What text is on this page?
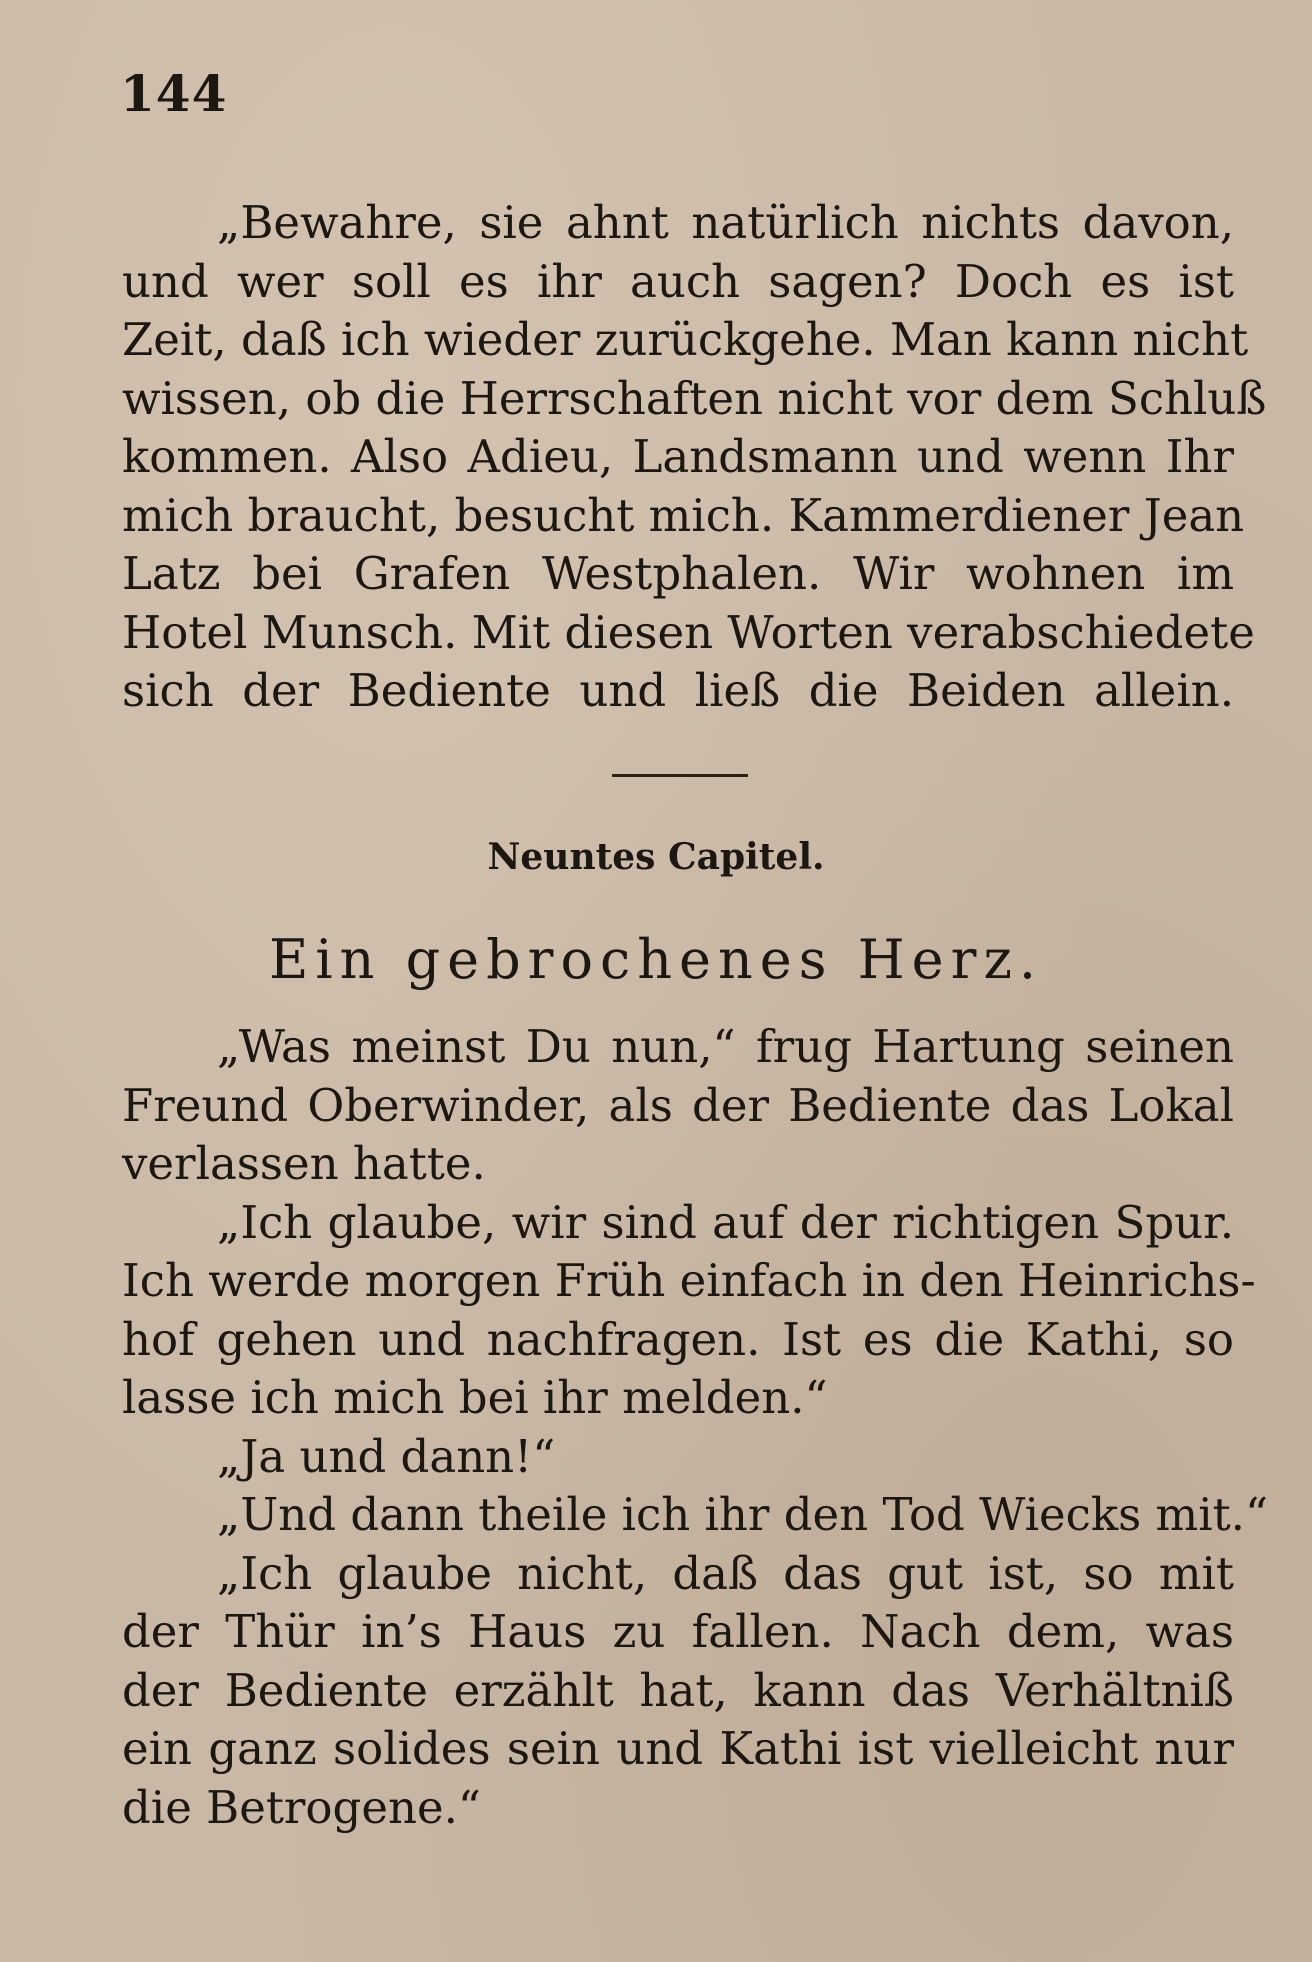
144
„Bewahre, sie ahnt natürlich nichts davon,
und wer soll es ihr auch sagen? Doch es ist
Zeit, daß ich wieder zurückgehe. Man kann nicht
wissen, ob die Herrschaften nicht vor dem Schluß
kommen. Also Adieu, Landsmann und wenn Ihr
mich braucht, besucht mich. Kammerdiener Jean
Latz bei Grafen Westphalen. Wir wohnen im
Hotel Munsch. Mit diesen Worten verabschiedete
sich der Bediente und ließ die Beiden allein.
Neuntes Capitel.
Ein gebrochenes Herz.
„Was meinst Du nun,“ frug Hartung seinen
Freund Oberwinder, als der Bediente das Lokal
verlassen hatte.
„Ich glaube, wir sind auf der richtigen Spur.
Ich werde morgen Früh einfach in den Heinrichs-
hof gehen und nachfragen. Ist es die Kathi, so
lasse ich mich bei ihr melden.“
„Ja und dann!“
„Und dann theile ich ihr den Tod Wiecks mit.“
„Ich glaube nicht, daß das gut ist, so mit
der Thür in’s Haus zu fallen. Nach dem, was
der Bediente erzählt hat, kann das Verhältniß
ein ganz solides sein und Kathi ist vielleicht nur
die Betrogene.“
